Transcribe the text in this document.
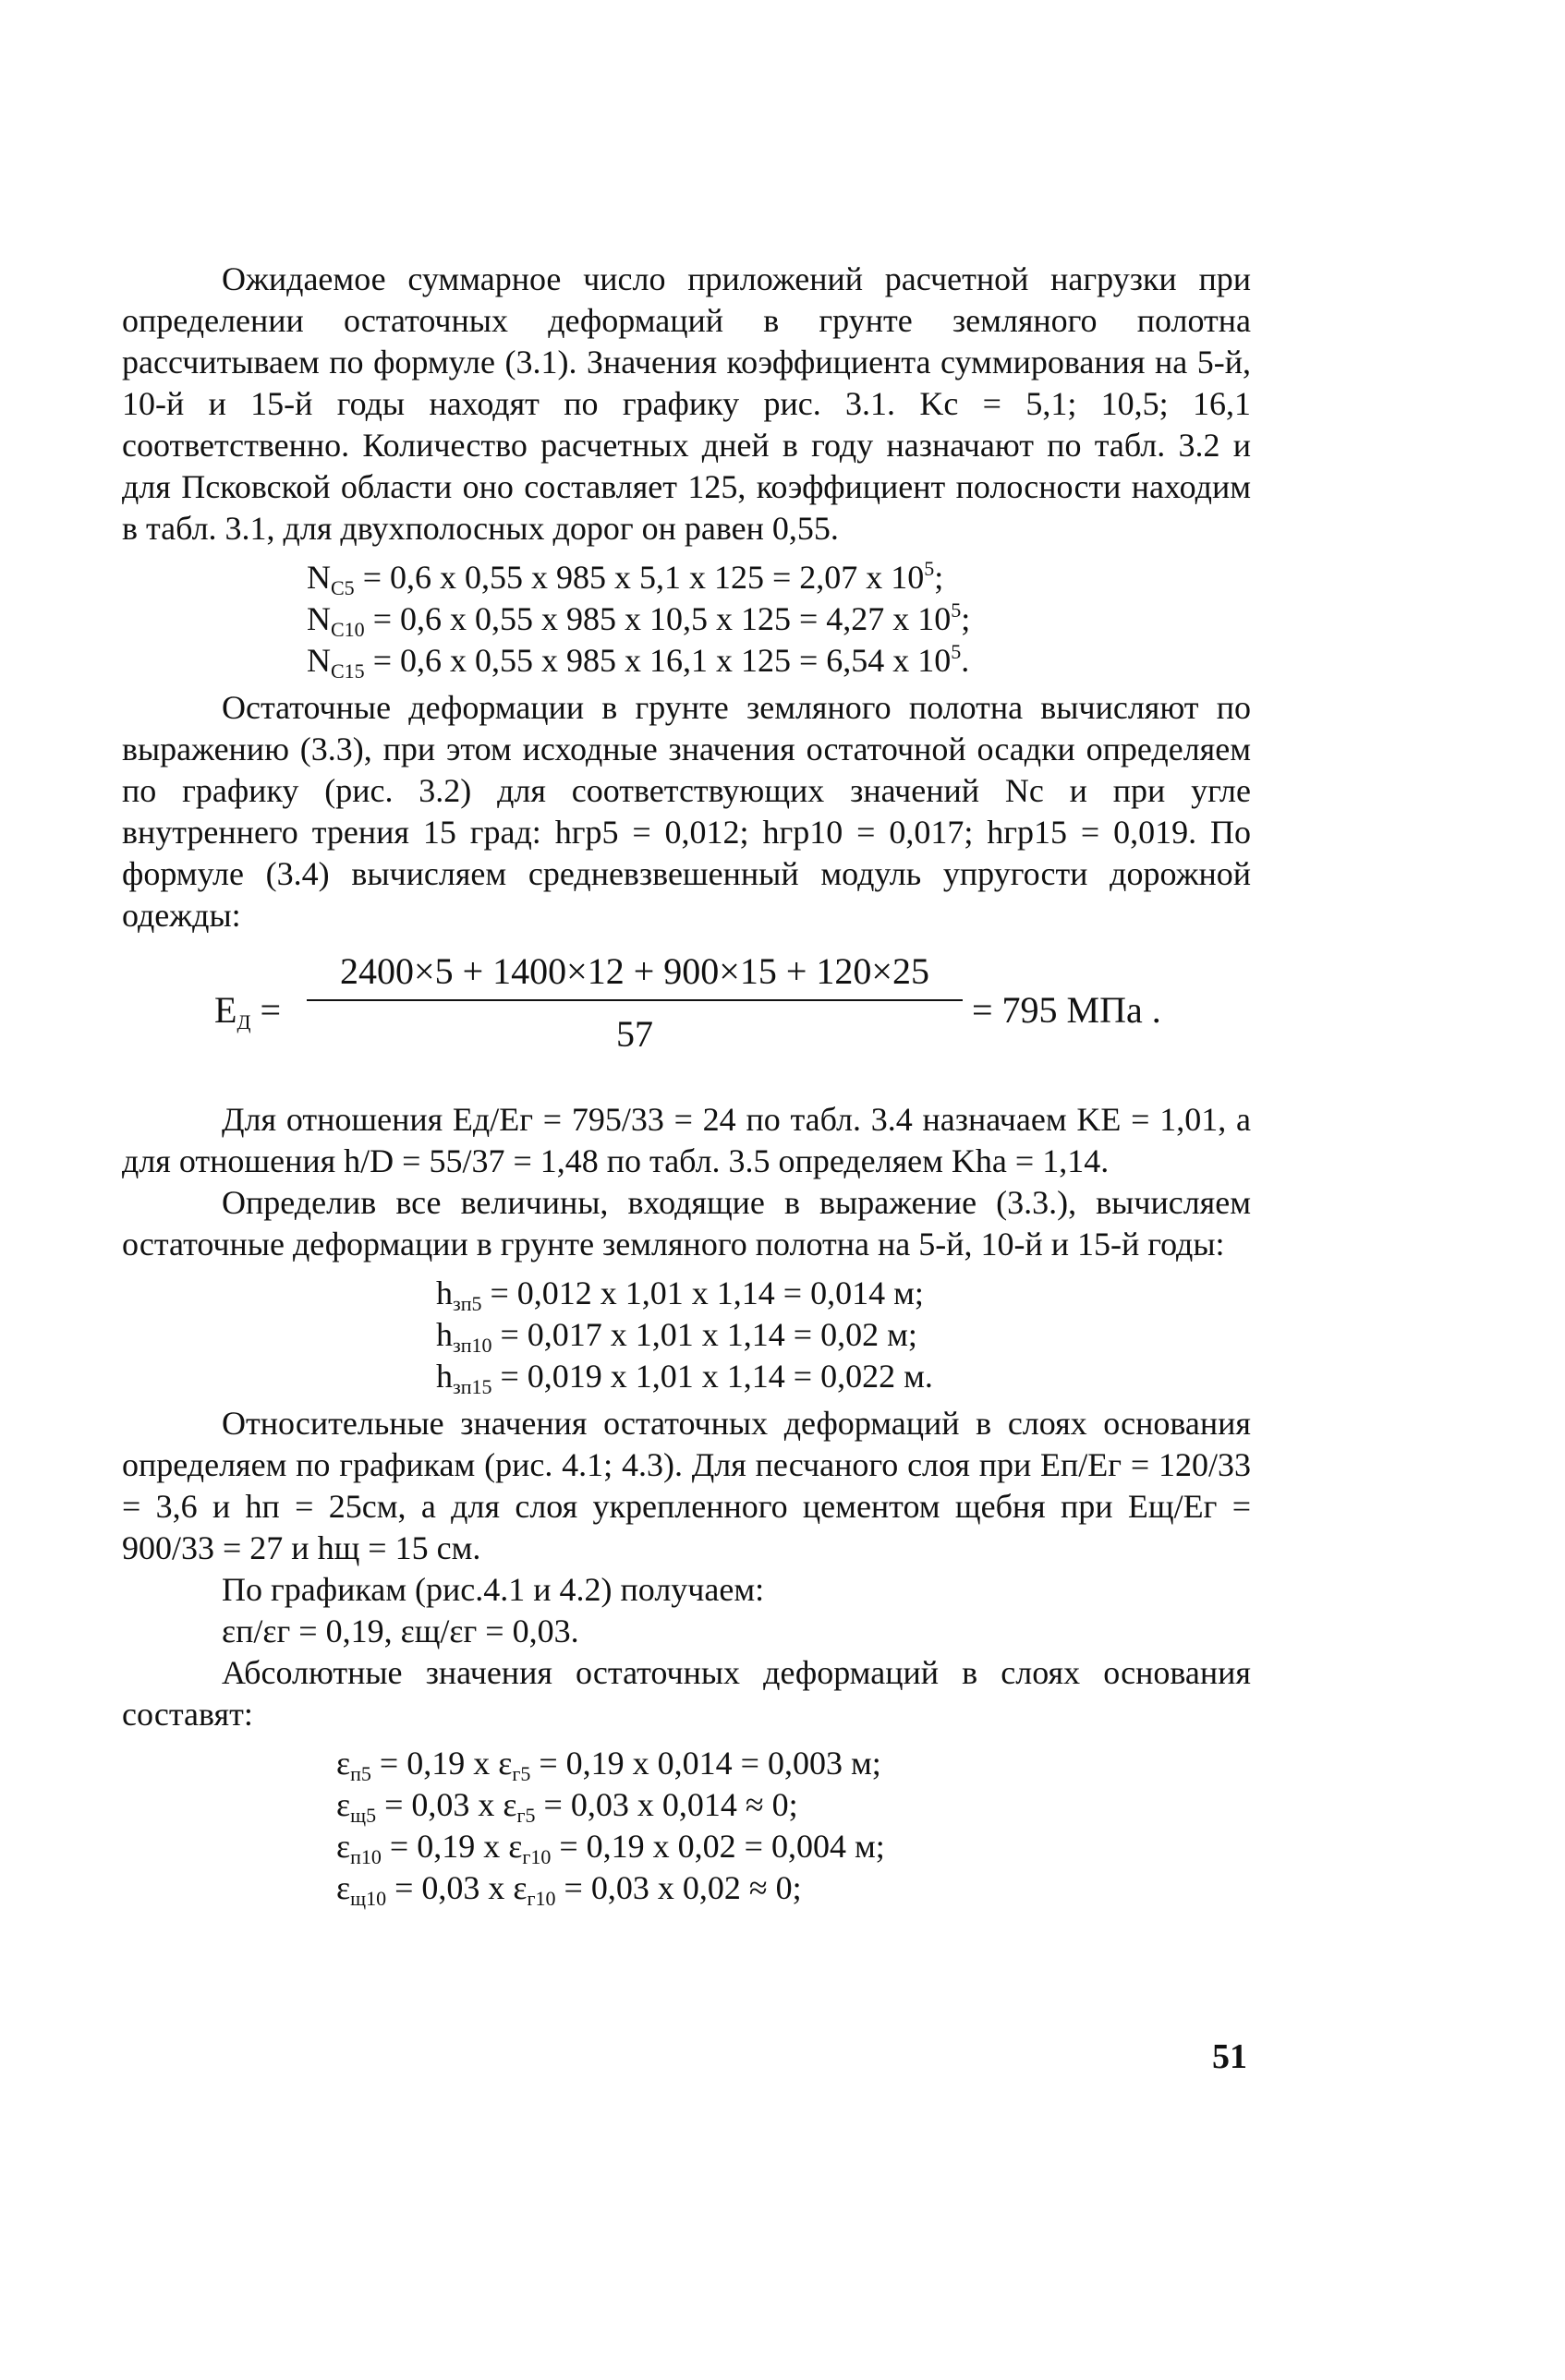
Ожидаемое суммарное число приложений расчетной нагрузки при определении остаточных деформаций в грунте земляного полотна рассчитываем по формуле (3.1). Значения коэффициента суммирования на 5-й, 10-й и 15-й годы находят по графику рис. 3.1. Kс = 5,1; 10,5; 16,1 соответственно. Количество расчетных дней в году назначают по табл. 3.2 и для Псковской области оно составляет 125, коэффициент полосности находим в табл. 3.1, для двухполосных дорог он равен 0,55.

$N_{C5} = 0,6$ x 0,55 x 985 x 5,1 x 125 = 2,07 x $10^5$;
$N_{C10} = 0,6$ x 0,55 x 985 x 10,5 x 125 = 4,27 x $10^5$;
$N_{C15} = 0,6$ x 0,55 x 985 x 16,1 x 125 = 6,54 x $10^5$.

Остаточные деформации в грунте земляного полотна вычисляют по выражению (3.3), при этом исходные значения остаточной осадки определяем по графику (рис. 3.2) для соответствующих значений Nс и при угле внутреннего трения 15 град: hгр5 = 0,012; hгр10 = 0,017; hгр15 = 0,019. По формуле (3.4) вычисляем средневзвешенный модуль упругости дорожной одежды:

$E_Д$ =
2400×5 + 1400×12 + 900×15 + 120×25
57
= 795 МПа .

Для отношения Eд/Eг = 795/33 = 24 по табл. 3.4 назначаем KE = 1,01, а для отношения h/D = 55/37 = 1,48 по табл. 3.5 определяем Kha = 1,14.

Определив все величины, входящие в выражение (3.3.), вычисляем остаточные деформации в грунте земляного полотна на 5-й, 10-й и 15-й годы:

$h_{зп5} = 0,012$ x 1,01 x 1,14 = 0,014 м;
$h_{зп10} = 0,017$ x 1,01 x 1,14 = 0,02 м;
$h_{зп15} = 0,019$ x 1,01 x 1,14 = 0,022 м.

Относительные значения остаточных деформаций в слоях основания определяем по графикам (рис. 4.1; 4.3). Для песчаного слоя при Eп/Eг = 120/33 = 3,6 и hп = 25см, а для слоя укрепленного цементом щебня при Eщ/Eг = 900/33 = 27 и hщ = 15 см.

По графикам (рис.4.1 и 4.2) получаем:

εп/εг = 0,19, εщ/εг = 0,03.

Абсолютные значения остаточных деформаций в слоях основания составят:

$\varepsilon_{п5} = 0,19$ x $\varepsilon_{г5} = 0,19$ x 0,014 = 0,003 м;
$\varepsilon_{щ5} = 0,03$ x $\varepsilon_{г5} = 0,03$ x 0,014 ≈ 0;
$\varepsilon_{п10} = 0,19$ x $\varepsilon_{г10} = 0,19$ x 0,02 = 0,004 м;
$\varepsilon_{щ10} = 0,03$ x $\varepsilon_{г10} = 0,03$ x 0,02 ≈ 0;
51
